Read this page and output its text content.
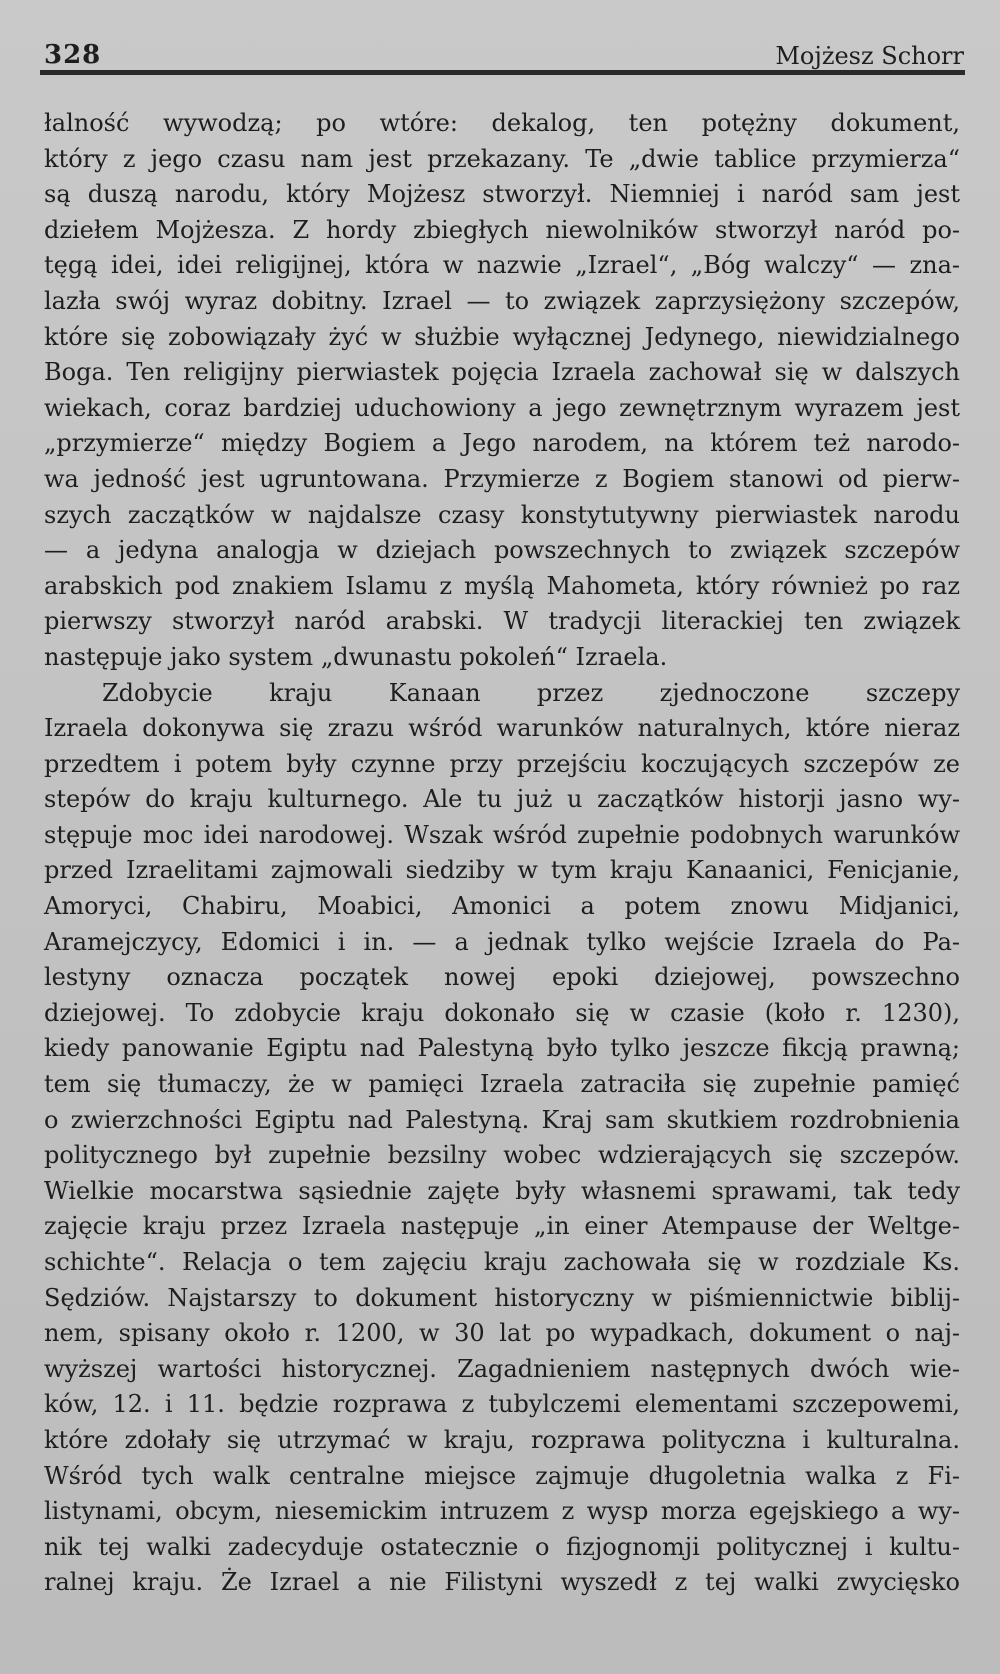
328	Mojżesz Schorr
łalność wywodzą; po wtóre: dekalog, ten potężny dokument,
który z jego czasu nam jest przekazany. Te „dwie tablice przymierza“
są duszą narodu, który Mojżesz stworzył. Niemniej i naród sam jest
dziełem Mojżesza. Z hordy zbiegłych niewolników stworzył naród po-
tęgą idei, idei religijnej, która w nazwie „Izrael“, „Bóg walczy“ — zna-
lazła swój wyraz dobitny. Izrael — to związek zaprzysiężony szczepów,
które się zobowiązały żyć w służbie wyłącznej Jedynego, niewidzialnego
Boga. Ten religijny pierwiastek pojęcia Izraela zachował się w dalszych
wiekach, coraz bardziej uduchowiony a jego zewnętrznym wyrazem jest
„przymierze“ między Bogiem a Jego narodem, na którem też narodo-
wa jedność jest ugruntowana. Przymierze z Bogiem stanowi od pierw-
szych zaczątków w najdalsze czasy konstytutywny pierwiastek narodu
— a jedyna analogja w dziejach powszechnych to związek szczepów
arabskich pod znakiem Islamu z myślą Mahometa, który również po raz
pierwszy stworzył naród arabski. W tradycji literackiej ten związek
następuje jako system „dwunastu pokoleń“ Izraela.
Zdobycie kraju Kanaan przez zjednoczone szczepy
Izraela dokonywa się zrazu wśród warunków naturalnych, które nieraz
przedtem i potem były czynne przy przejściu koczujących szczepów ze
stepów do kraju kulturnego. Ale tu już u zaczątków historji jasno wy-
stępuje moc idei narodowej. Wszak wśród zupełnie podobnych warunków
przed Izraelitami zajmowali siedziby w tym kraju Kanaanici, Fenicjanie,
Amoryci, Chabiru, Moabici, Amonici a potem znowu Midjanici,
Aramejczycy, Edomici i in. — a jednak tylko wejście Izraela do Pa-
lestyny oznacza początek nowej epoki dziejowej, powszechno
dziejowej. To zdobycie kraju dokonało się w czasie (koło r. 1230),
kiedy panowanie Egiptu nad Palestyną było tylko jeszcze fikcją prawną;
tem się tłumaczy, że w pamięci Izraela zatraciła się zupełnie pamięć
o zwierzchności Egiptu nad Palestyną. Kraj sam skutkiem rozdrobnienia
politycznego był zupełnie bezsilny wobec wdzierających się szczepów.
Wielkie mocarstwa sąsiednie zajęte były własnemi sprawami, tak tedy
zajęcie kraju przez Izraela następuje „in einer Atempause der Weltge-
schichte“. Relacja o tem zajęciu kraju zachowała się w rozdziale Ks.
Sędziów. Najstarszy to dokument historyczny w piśmiennictwie biblij-
nem, spisany około r. 1200, w 30 lat po wypadkach, dokument o naj-
wyższej wartości historycznej. Zagadnieniem następnych dwóch wie-
ków, 12. i 11. będzie rozprawa z tubylczemi elementami szczepowemi,
które zdołały się utrzymać w kraju, rozprawa polityczna i kulturalna.
Wśród tych walk centralne miejsce zajmuje długoletnia walka z Fi-
listynami, obcym, niesemickim intruzem z wysp morza egejskiego a wy-
nik tej walki zadecyduje ostatecznie o fizjognomji politycznej i kultu-
ralnej kraju. Że Izrael a nie Filistyni wyszedł z tej walki zwycięsko
